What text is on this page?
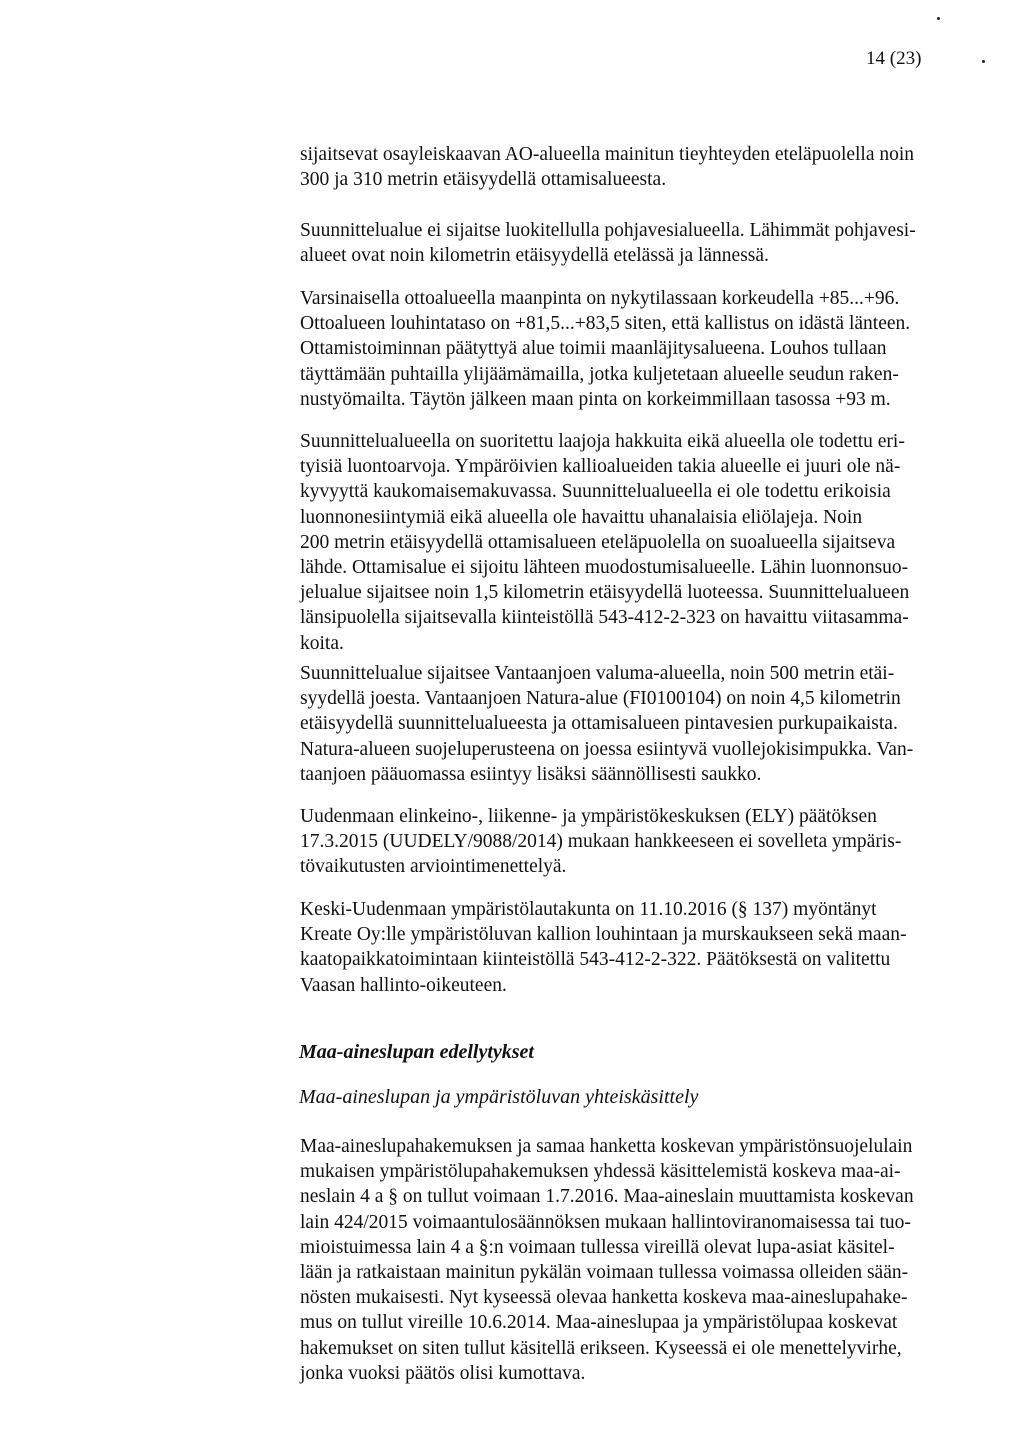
14 (23)
sijaitsevat osayleiskaavan AO-alueella mainitun tieyhteyden eteläpuolella noin
300 ja 310 metrin etäisyydellä ottamisalueesta.
Suunnittelualue ei sijaitse luokitellulla pohjavesialueella. Lähimmät pohjavesi-
alueet ovat noin kilometrin etäisyydellä etelässä ja lännessä.
Varsinaisella ottoalueella maanpinta on nykytilassaan korkeudella +85...+96.
Ottoalueen louhintataso on +81,5...+83,5 siten, että kallistus on idästä länteen.
Ottamistoiminnan päätyttyä alue toimii maanläjitysalueena. Louhos tullaan
täyttämään puhtailla ylijäämämailla, jotka kuljetetaan alueelle seudun raken-
nustyömailta. Täytön jälkeen maan pinta on korkeimmillaan tasossa +93 m.
Suunnittelualueella on suoritettu laajoja hakkuita eikä alueella ole todettu eri-
tyisiä luontoarvoja. Ympäröivien kallioalueiden takia alueelle ei juuri ole nä-
kyvyyttä kaukomaisemakuvassa. Suunnittelualueella ei ole todettu erikoisia
luonnonesiintymiä eikä alueella ole havaittu uhanalaisia eliölajeja. Noin
200 metrin etäisyydellä ottamisalueen eteläpuolella on suoalueella sijaitseva
lähde. Ottamisalue ei sijoitu lähteen muodostumisalueelle. Lähin luonnonsuo-
jelualue sijaitsee noin 1,5 kilometrin etäisyydellä luoteessa. Suunnittelualueen
länsipuolella sijaitsevalla kiinteistöllä 543-412-2-323 on havaittu viitasamma-
koita.
Suunnittelualue sijaitsee Vantaanjoen valuma-alueella, noin 500 metrin etäi-
syydellä joesta. Vantaanjoen Natura-alue (FI0100104) on noin 4,5 kilometrin
etäisyydellä suunnittelualueesta ja ottamisalueen pintavesien purkupaikaista.
Natura-alueen suojeluperusteena on joessa esiintyvä vuollejokisimpukka. Van-
taanjoen pääuomassa esiintyy lisäksi säännöllisesti saukko.
Uudenmaan elinkeino-, liikenne- ja ympäristökeskuksen (ELY) päätöksen
17.3.2015 (UUDELY/9088/2014) mukaan hankkeeseen ei sovelleta ympäris-
tövaikutusten arviointimenettelyä.
Keski-Uudenmaan ympäristölautakunta on 11.10.2016 (§ 137) myöntänyt
Kreate Oy:lle ympäristöluvan kallion louhintaan ja murskaukseen sekä maan-
kaatopaikkatoimintaan kiinteistöllä 543-412-2-322. Päätöksestä on valitettu
Vaasan hallinto-oikeuteen.
Maa-aineslupan edellytykset
Maa-aineslupan ja ympäristöluvan yhteiskäsittely
Maa-aineslupahakemuksen ja samaa hanketta koskevan ympäristönsuojelulain
mukaisen ympäristölupahakemuksen yhdessä käsittelemistä koskeva maa-ai-
neslain 4 a § on tullut voimaan 1.7.2016. Maa-aineslain muuttamista koskevan
lain 424/2015 voimaantulosäännöksen mukaan hallintoviranomaisessa tai tuo-
mioistuimessa lain 4 a §:n voimaan tullessa vireillä olevat lupa-asiat käsitel-
lään ja ratkaistaan mainitun pykälän voimaan tullessa voimassa olleiden sään-
nösten mukaisesti. Nyt kyseessä olevaa hanketta koskeva maa-aineslupahake-
mus on tullut vireille 10.6.2014. Maa-aineslupaa ja ympäristölupaa koskevat
hakemukset on siten tullut käsitellä erikseen. Kyseessä ei ole menettelyvirhe,
jonka vuoksi päätös olisi kumottava.
